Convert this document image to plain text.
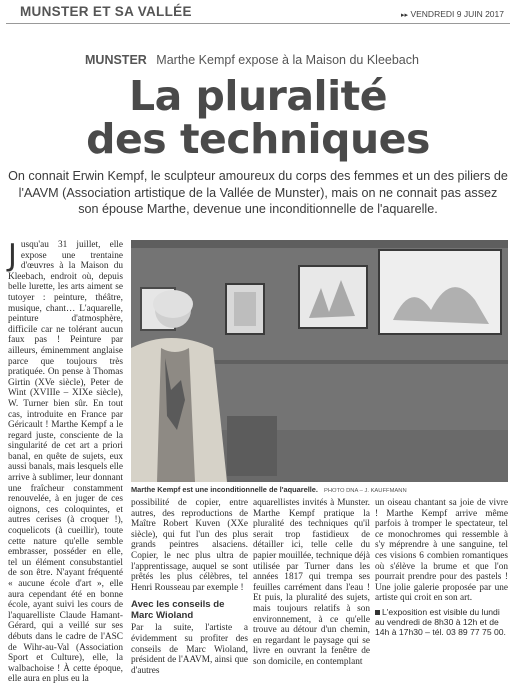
MUNSTER ET SA VALLÉE	▸▸ VENDREDI 9 JUIN 2017
MUNSTER Marthe Kempf expose à la Maison du Kleebach
La pluralité
des techniques
On connait Erwin Kempf, le sculpteur amoureux du corps des femmes et un des piliers de l'AAVM (Association artistique de la Vallée de Munster), mais on ne connait pas assez son épouse Marthe, devenue une inconditionnelle de l'aquarelle.
Jusqu'au 31 juillet, elle expose une trentaine d'œuvres à la Maison du Kleebach, endroit où, depuis belle lurette, les arts aiment se tutoyer : peinture, théâtre, musique, chant… L'aquarelle, peinture d'atmosphère, difficile car ne tolérant aucun faux pas ! Peinture par ailleurs, éminemment anglaise parce que toujours très pratiquée. On pense à Thomas Girtin (XVe siècle), Peter de Wint (XVIIIe – XIXe siècle), W. Turner bien sûr. En tout cas, introduite en France par Géricault ! Marthe Kempf a le regard juste, consciente de la singularité de cet art a priori banal, en quête de sujets, eux aussi banals, mais lesquels elle arrive à sublimer, leur donnant une fraîcheur constamment renouvelée, à en juger de ces oignons, ces coloquintes, et autres cerises (à croquer !), coquelicots (à cueillir), toute cette nature qu'elle semble embrasser, posséder en elle, tel un élément consubstantiel de son être. N'ayant fréquenté « aucune école d'art », elle aura cependant été en bonne école, ayant suivi les cours de l'aquarelliste Claude Hamant-Gérard, qui a veillé sur ses débuts dans le cadre de l'ASC de Wihr-au-Val (Association Sport et Culture), elle, la walbachoise ! À cette époque, elle aura en plus eu la
Marthe Kempf est une inconditionnelle de l'aquarelle. PHOTO DNA – J. KAUFFMANN
possibilité de copier, entre autres, des reproductions de Maître Robert Kuven (XXe siècle), qui fut l'un des plus grands peintres alsaciens. Copier, le nec plus ultra de l'apprentissage, auquel se sont prêtés les plus célèbres, tel Henri Rousseau par exemple !
Avec les conseils de Marc Wioland
Par la suite, l'artiste a évidemment su profiter des conseils de Marc Wioland, président de l'AAVM, ainsi que d'autres
aquarellistes invités à Munster. Marthe Kempf pratique la pluralité des techniques qu'il serait trop fastidieux de détailler ici, telle celle du papier mouillée, technique déjà utilisée par Turner dans les années 1817 qui trempa ses feuilles carrément dans l'eau ! Et puis, la pluralité des sujets, mais toujours relatifs à son environnement, à ce qu'elle trouve au détour d'un chemin, en regardant le paysage qui se livre en ouvrant la fenêtre de son domicile, en contemplant
un oiseau chantant sa joie de vivre ! Marthe Kempf arrive même parfois à tromper le spectateur, tel ce monochromes qui ressemble à s'y méprendre à une sanguine, tel ces visions 6 combien romantiques où s'élève la brume et que l'on pourrait prendre pour des pastels ! Une jolie galerie proposée par une artiste qui croit en son art.
L'exposition est visible du lundi au vendredi de 8h30 à 12h et de 14h à 17h30 – tél. 03 89 77 75 00.
